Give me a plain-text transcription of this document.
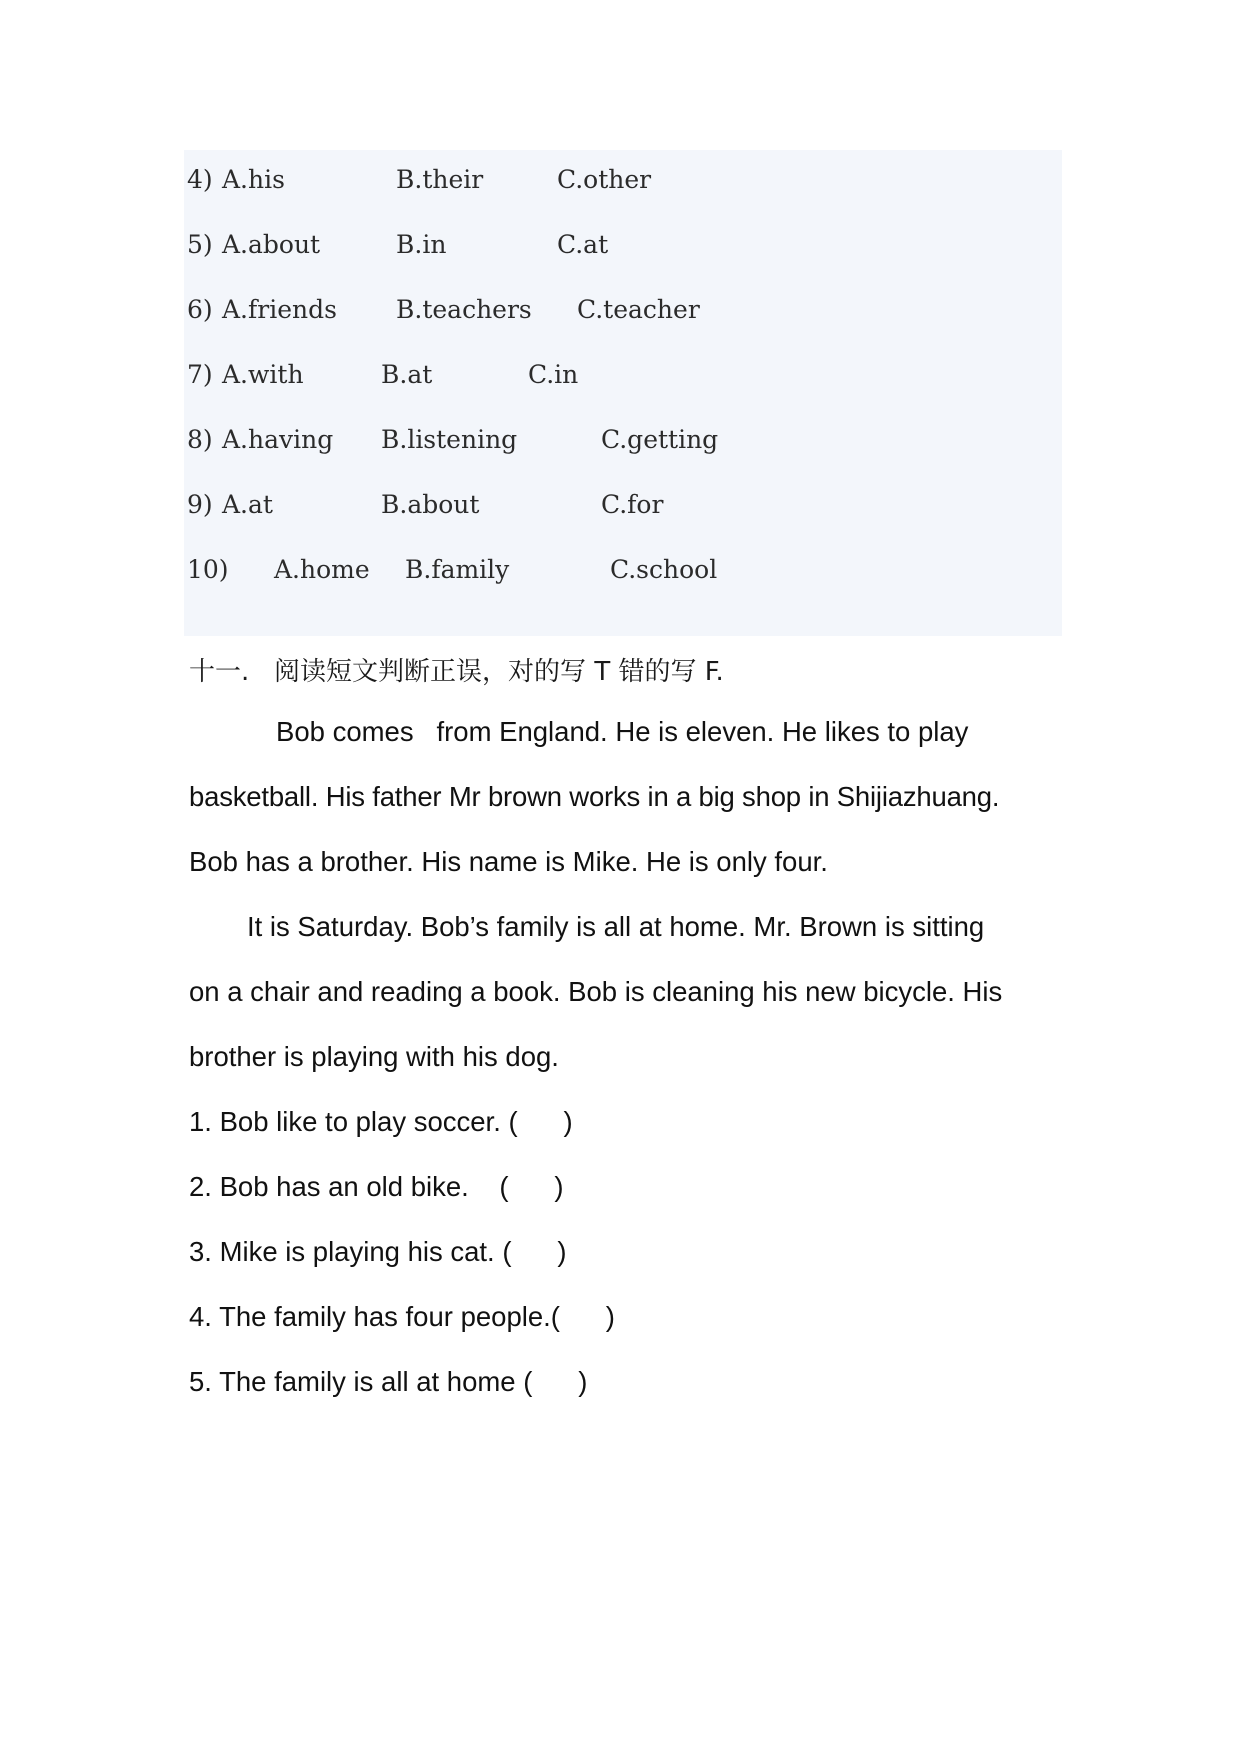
4) A.his	B.their	C.other
5) A.about	B.in	C.at
6) A.friends B.teachers C.teacher
7) A.with	B.at	C.in
8) A.having B.listening	C.getting
9) A.at	B.about	C.for
10) A.home B.family	C.school
十一.   阅读短文判断正误，对的写 T 错的写 F.
Bob comes   from England. He is eleven. He likes to play
basketball. His father Mr brown works in a big shop in Shijiazhuang.
Bob has a brother. His name is Mike. He is only four.
It is Saturday. Bob’s family is all at home. Mr. Brown is sitting
on a chair and reading a book. Bob is cleaning his new bicycle. His
brother is playing with his dog.
1. Bob like to play soccer. (      )
2. Bob has an old bike.    (      )
3. Mike is playing his cat. (      )
4. The family has four people.(      )
5. The family is all at home (      )
